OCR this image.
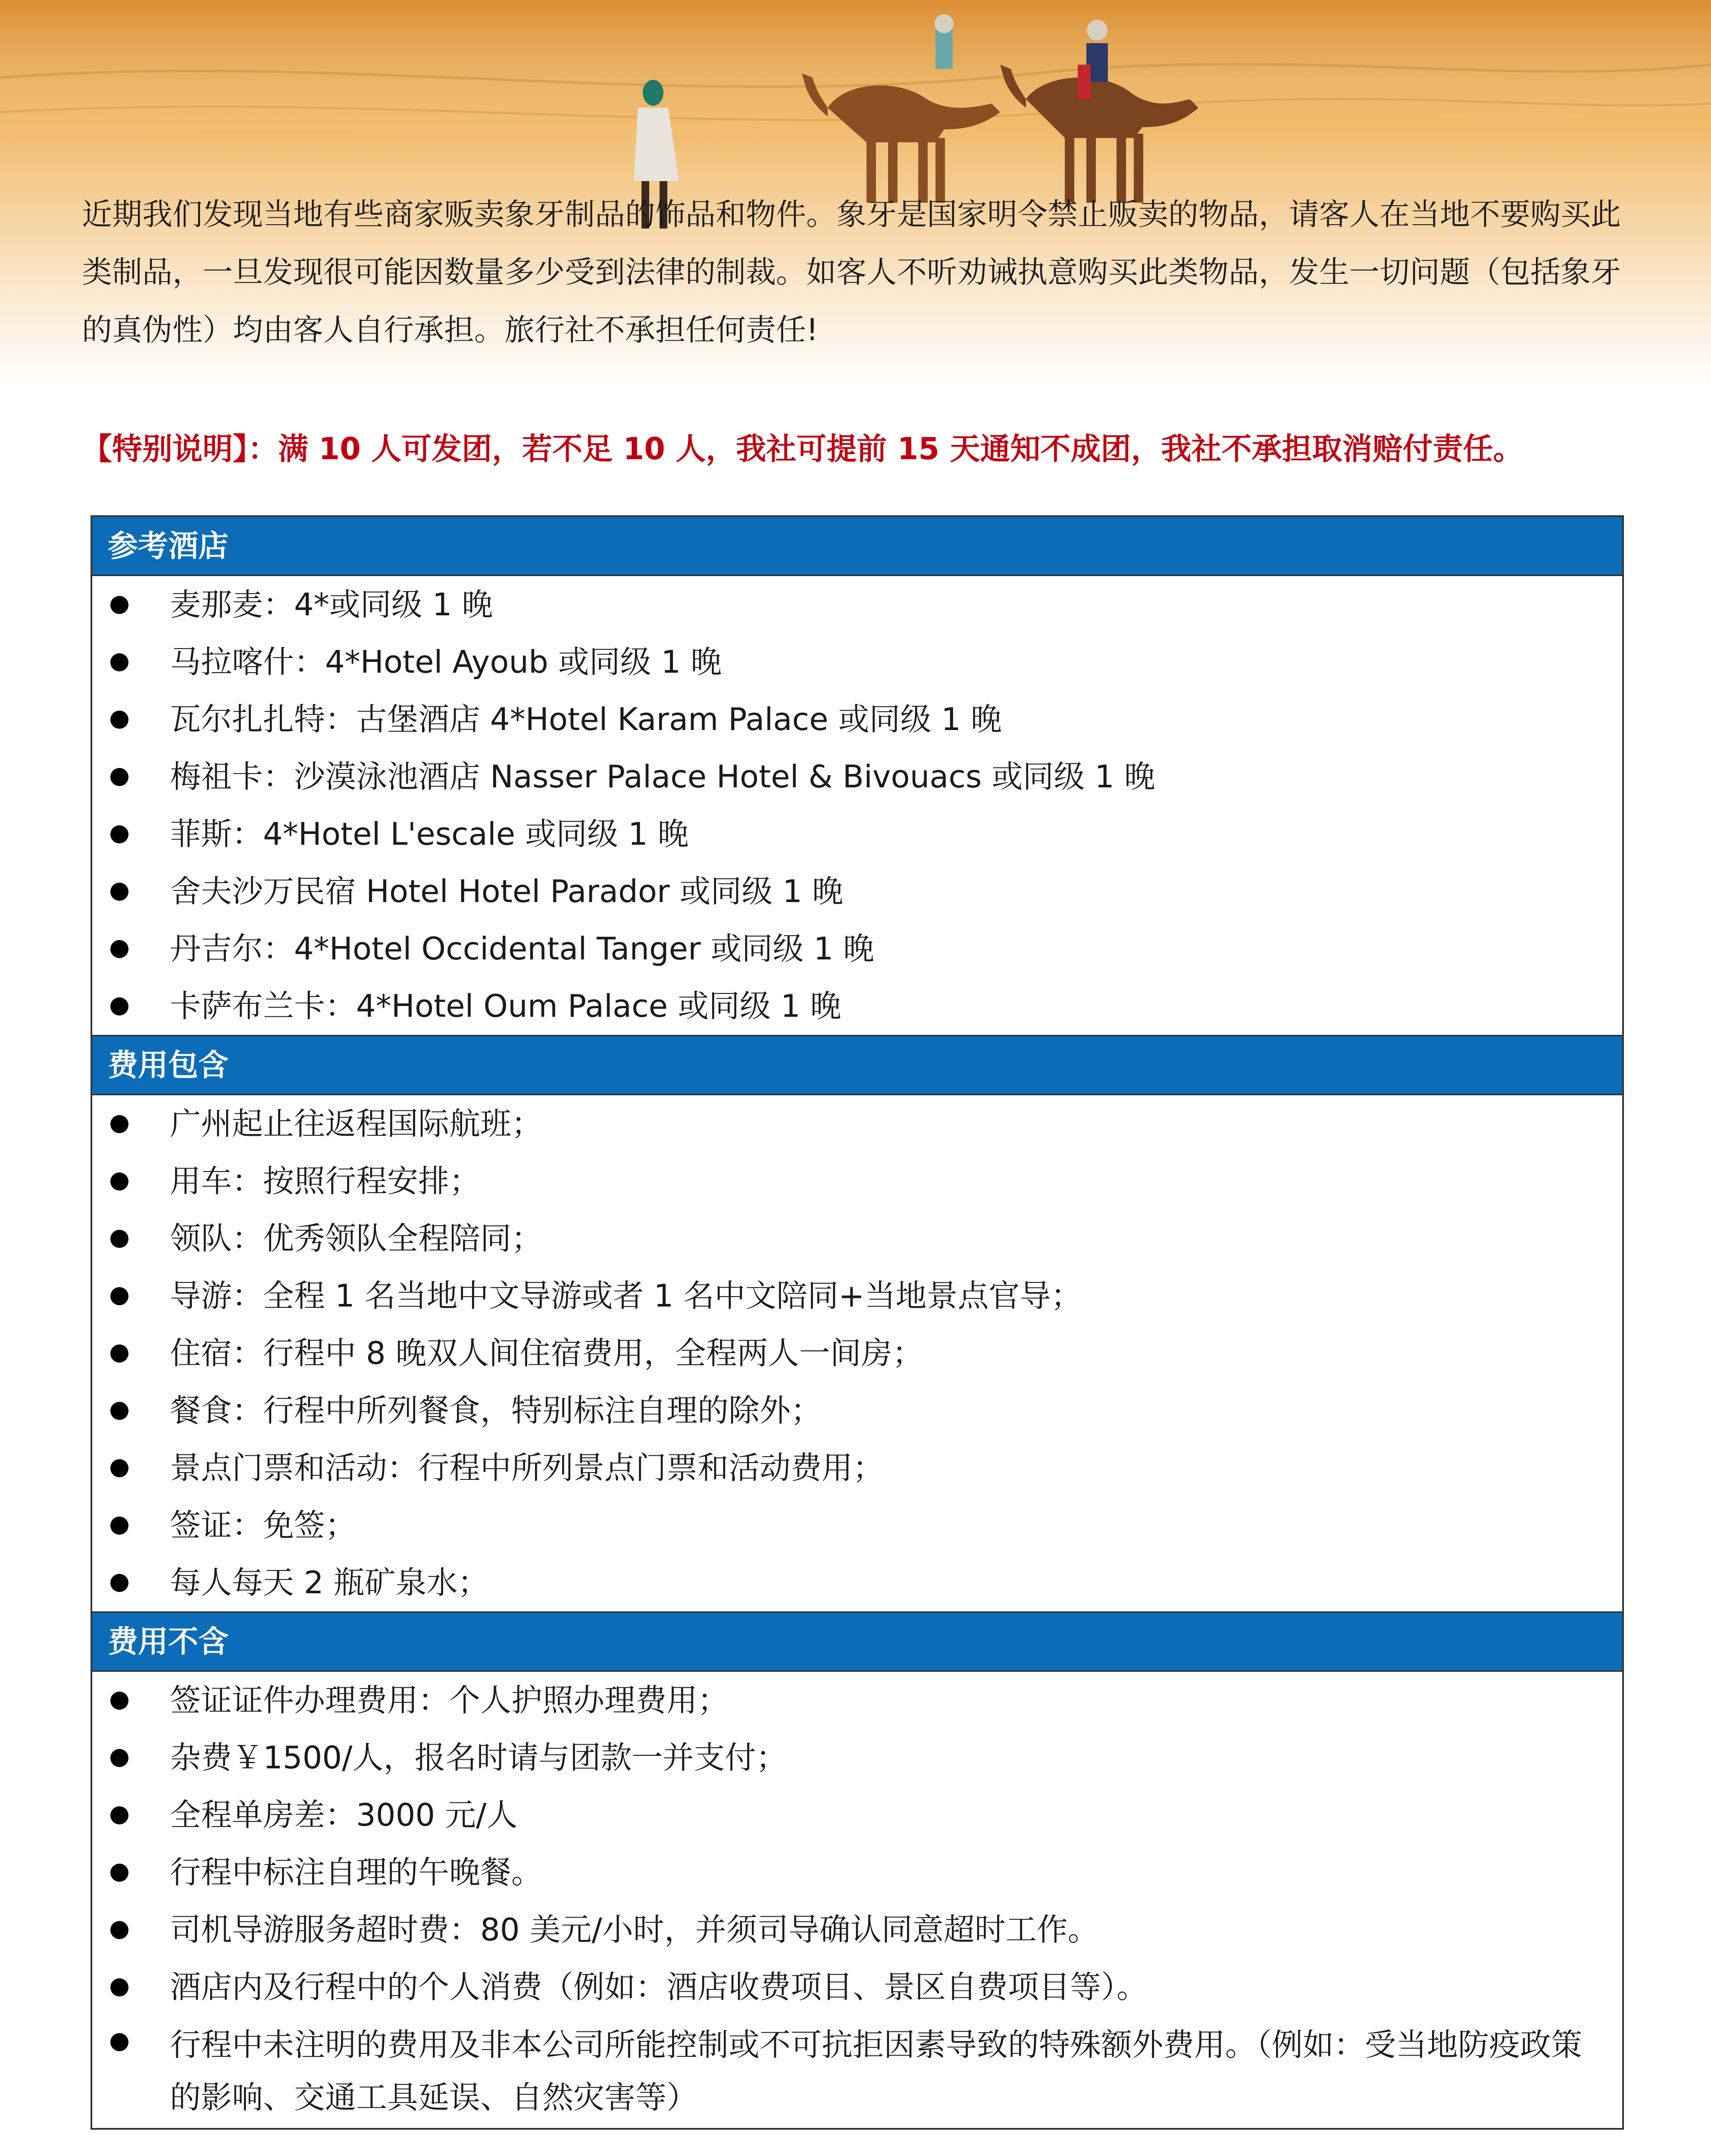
近期我们发现当地有些商家贩卖象牙制品的饰品和物件。象牙是国家明令禁止贩卖的物品，请客人在当地不要购买此类制品，一旦发现很可能因数量多少受到法律的制裁。如客人不听劝诫执意购买此类物品，发生一切问题（包括象牙的真伪性）均由客人自行承担。旅行社不承担任何责任!
【特别说明】：满 10 人可发团，若不足 10 人，我社可提前 15 天通知不成团，我社不承担取消赔付责任。
参考酒店
麦那麦：4*或同级 1 晚
马拉喀什：4*Hotel Ayoub 或同级 1 晚
瓦尔扎扎特：古堡酒店 4*Hotel Karam Palace 或同级 1 晚
梅祖卡：沙漠泳池酒店 Nasser Palace Hotel & Bivouacs 或同级 1 晚
菲斯：4*Hotel L'escale 或同级 1 晚
舍夫沙万民宿 Hotel Hotel Parador 或同级 1 晚
丹吉尔：4*Hotel Occidental Tanger 或同级 1 晚
卡萨布兰卡：4*Hotel Oum Palace 或同级 1 晚
费用包含
广州起止往返程国际航班；
用车：按照行程安排；
领队：优秀领队全程陪同；
导游：全程 1 名当地中文导游或者 1 名中文陪同+当地景点官导；
住宿：行程中 8 晚双人间住宿费用，全程两人一间房；
餐食：行程中所列餐食，特别标注自理的除外；
景点门票和活动：行程中所列景点门票和活动费用；
签证：免签；
每人每天 2 瓶矿泉水；
费用不含
签证证件办理费用：个人护照办理费用；
杂费￥1500/人，报名时请与团款一并支付；
全程单房差：3000 元/人
行程中标注自理的午晚餐。
司机导游服务超时费：80 美元/小时，并须司导确认同意超时工作。
酒店内及行程中的个人消费（例如：酒店收费项目、景区自费项目等）。
行程中未注明的费用及非本公司所能控制或不可抗拒因素导致的特殊额外费用。（例如：受当地防疫政策的影响、交通工具延误、自然灾害等）
